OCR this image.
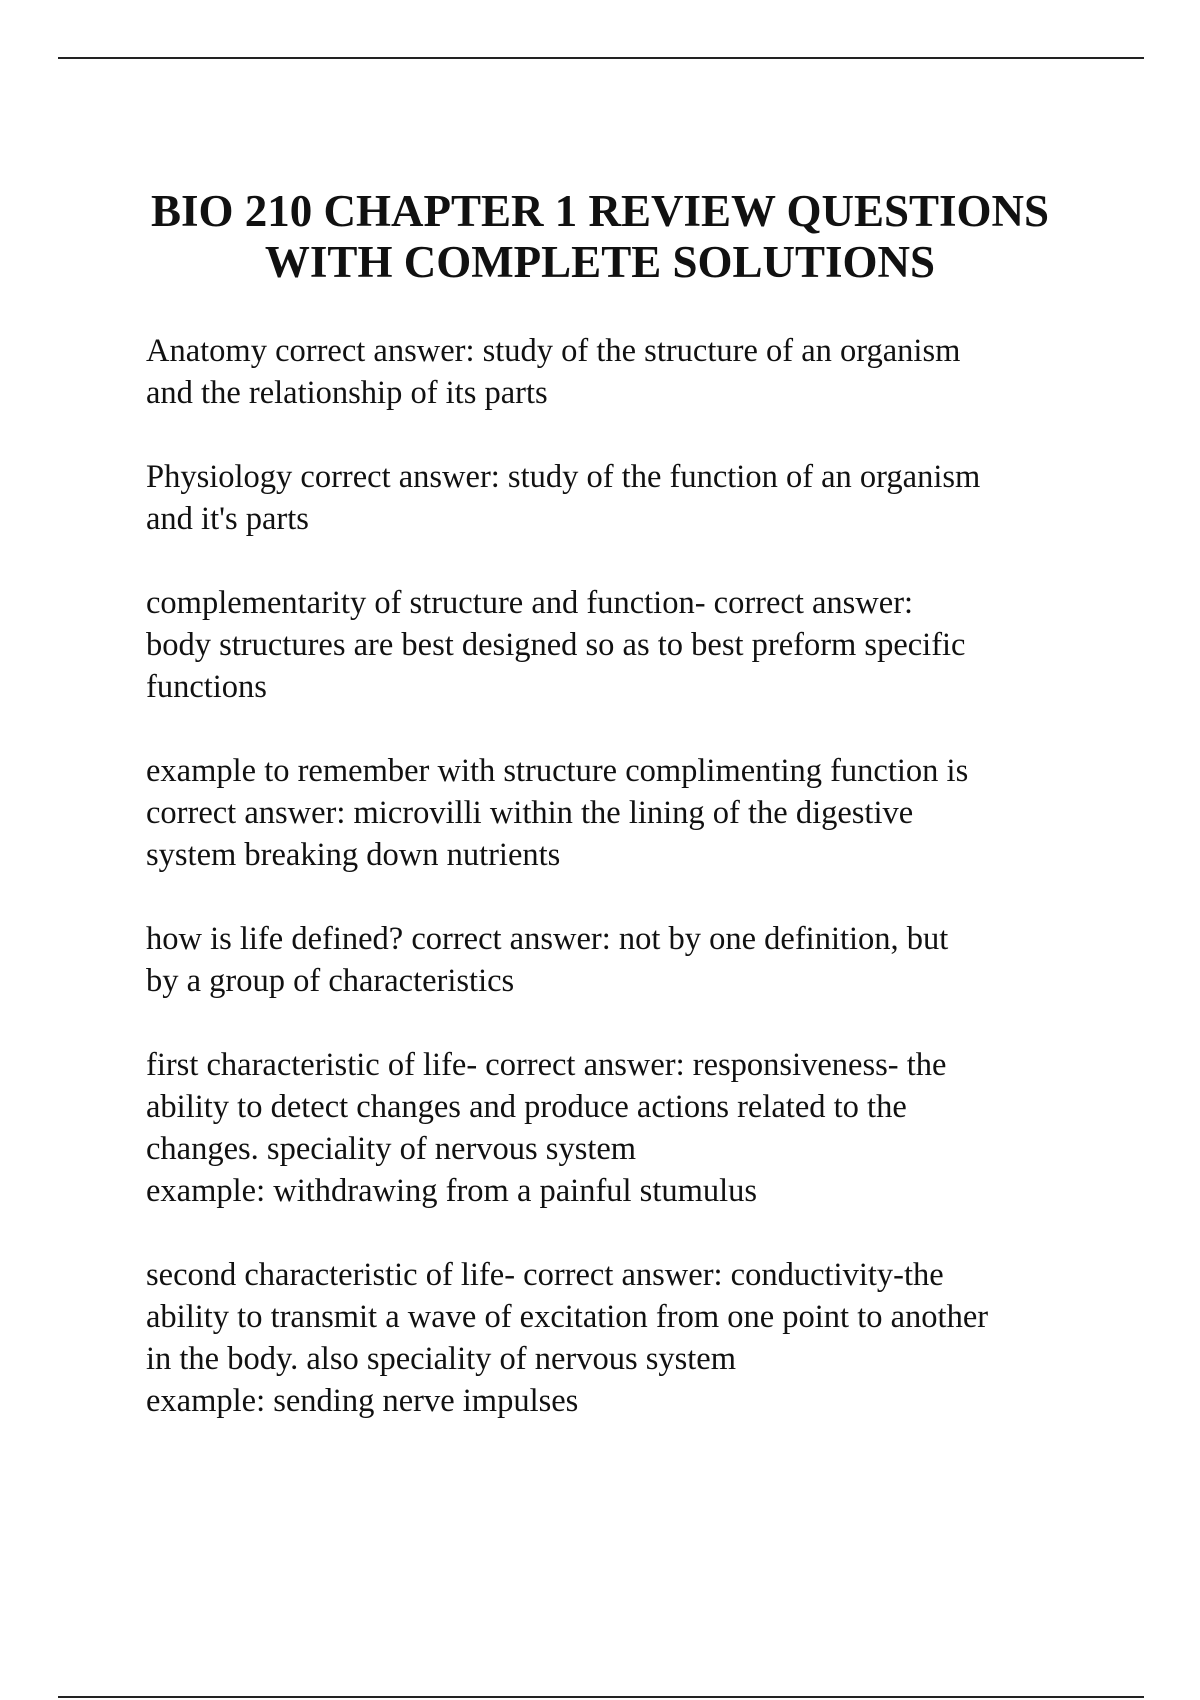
BIO 210 CHAPTER 1 REVIEW QUESTIONS
WITH COMPLETE SOLUTIONS

Anatomy correct answer: study of the structure of an organism
and the relationship of its parts

Physiology correct answer: study of the function of an organism
and it's parts

complementarity of structure and function- correct answer:
body structures are best designed so as to best preform specific
functions

example to remember with structure complimenting function is
correct answer: microvilli within the lining of the digestive
system breaking down nutrients

how is life defined? correct answer: not by one definition, but
by a group of characteristics

first characteristic of life- correct answer: responsiveness- the
ability to detect changes and produce actions related to the
changes. speciality of nervous system
example: withdrawing from a painful stumulus

second characteristic of life- correct answer: conductivity-the
ability to transmit a wave of excitation from one point to another
in the body. also speciality of nervous system
example: sending nerve impulses
